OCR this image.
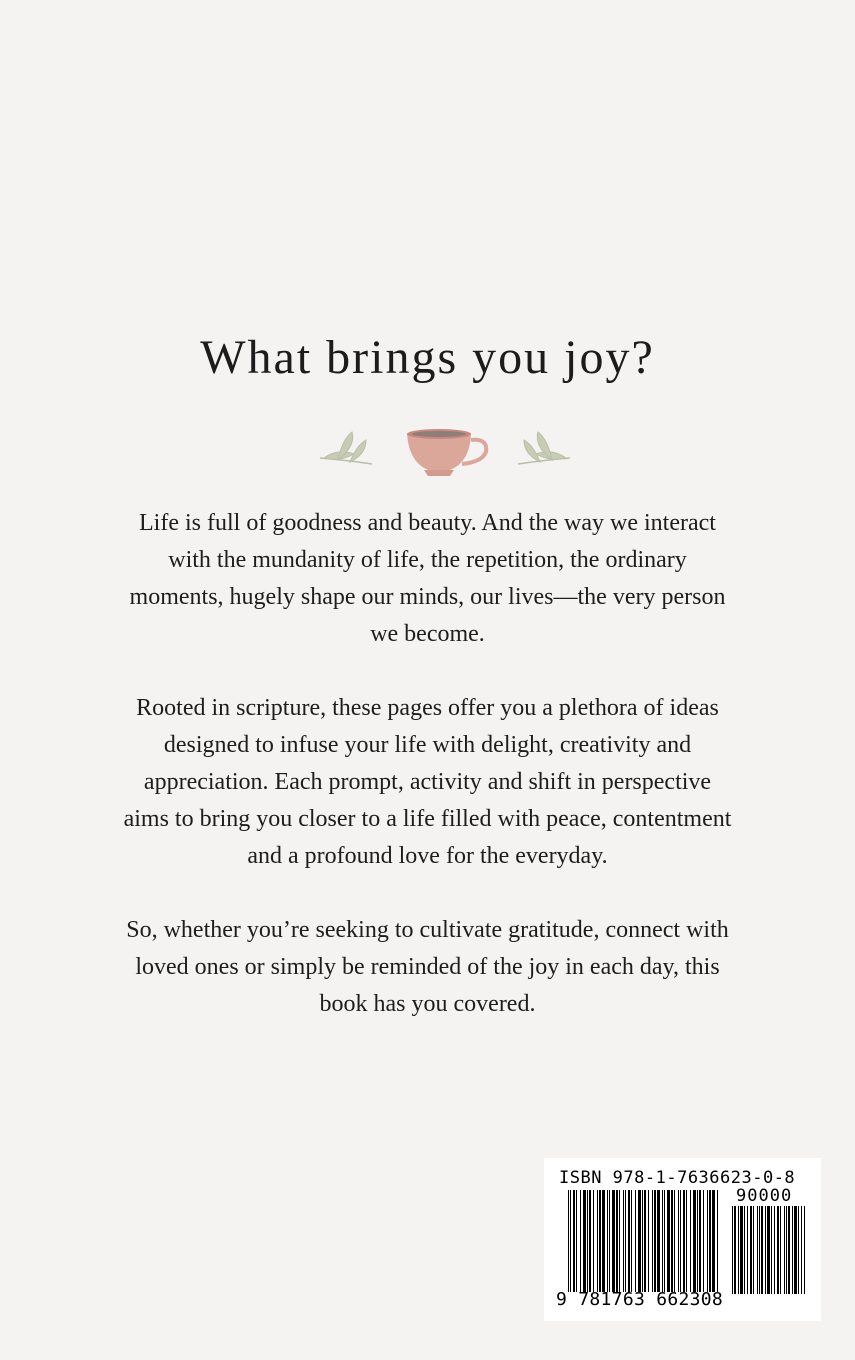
What brings you joy?

Life is full of goodness and beauty. And the way we interact with the mundanity of life, the repetition, the ordinary moments, hugely shape our minds, our lives—the very person we become.

Rooted in scripture, these pages offer you a plethora of ideas designed to infuse your life with delight, creativity and appreciation. Each prompt, activity and shift in perspective aims to bring you closer to a life filled with peace, contentment and a profound love for the everyday.

So, whether you’re seeking to cultivate gratitude, connect with loved ones or simply be reminded of the joy in each day, this book has you covered.

ISBN 978-1-7636623-0-8
90000
9 781763 662308
